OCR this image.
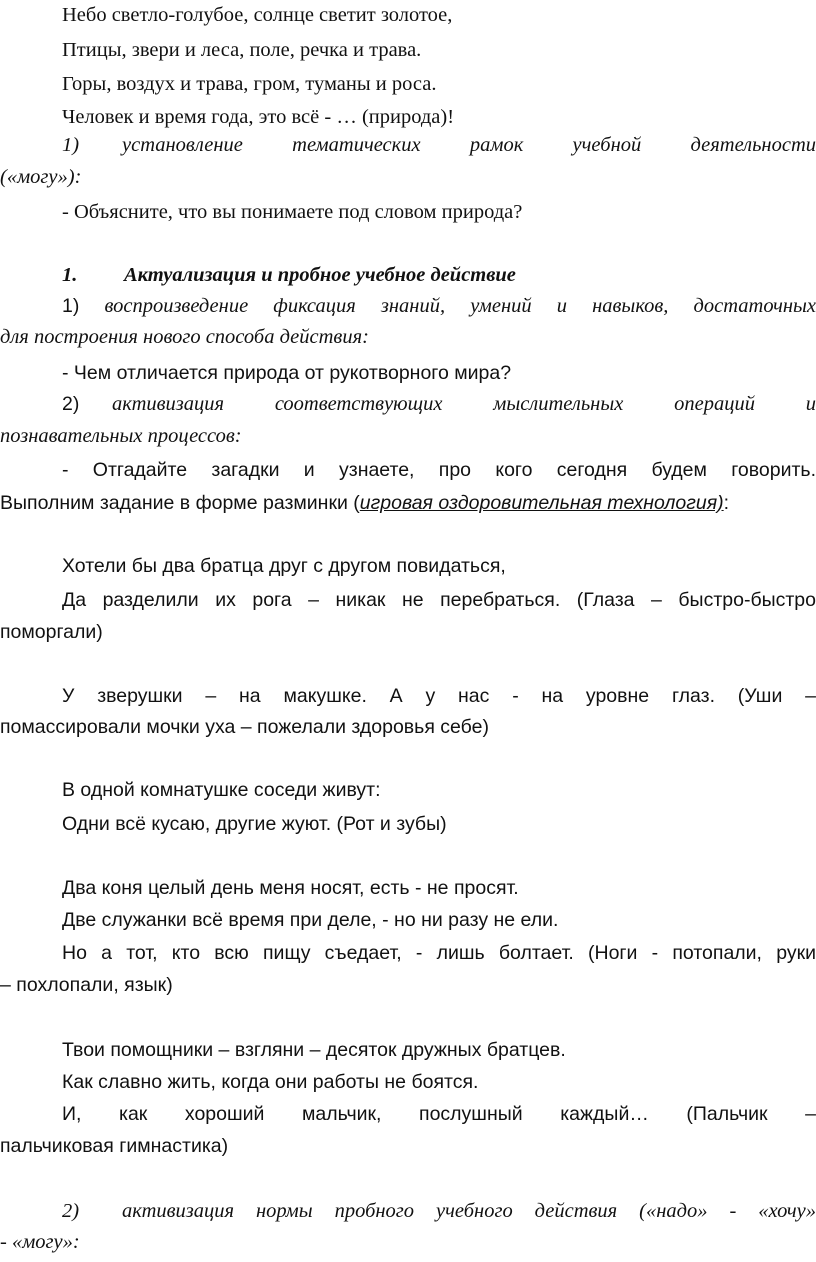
Небо светло-голубое, солнце светит золотое,
Птицы, звери и леса, поле, речка и трава.
Горы, воздух и трава, гром, туманы и роса.
Человек и время года, это всё - … (природа)!
1) установление тематических рамок учебной деятельности
(«могу»):
- Объясните, что вы понимаете под словом природа?
1. Актуализация и пробное учебное действие
1) воспроизведение фиксация знаний, умений и навыков, достаточных
для построения нового способа действия:
- Чем отличается природа от рукотворного мира?
2) активизация соответствующих мыслительных операций и
познавательных процессов:
- Отгадайте загадки и узнаете, про кого сегодня будем говорить.
Выполним задание в форме разминки (игровая оздоровительная технология):
Хотели бы два братца друг с другом повидаться,
Да разделили их рога – никак не перебраться. (Глаза – быстро-быстро
поморгали)
У зверушки – на макушке. А у нас - на уровне глаз. (Уши –
помассировали мочки уха – пожелали здоровья себе)
В одной комнатушке соседи живут:
Одни всё кусаю, другие жуют. (Рот и зубы)
Два коня целый день меня носят, есть - не просят.
Две служанки всё время при деле, - но ни разу не ели.
Но а тот, кто всю пищу съедает, - лишь болтает. (Ноги - потопали, руки
– похлопали, язык)
Твои помощники – взгляни – десяток дружных братцев.
Как славно жить, когда они работы не боятся.
И, как хороший мальчик, послушный каждый… (Пальчик –
пальчиковая гимнастика)
2) активизация нормы пробного учебного действия («надо» - «хочу»
- «могу»:
